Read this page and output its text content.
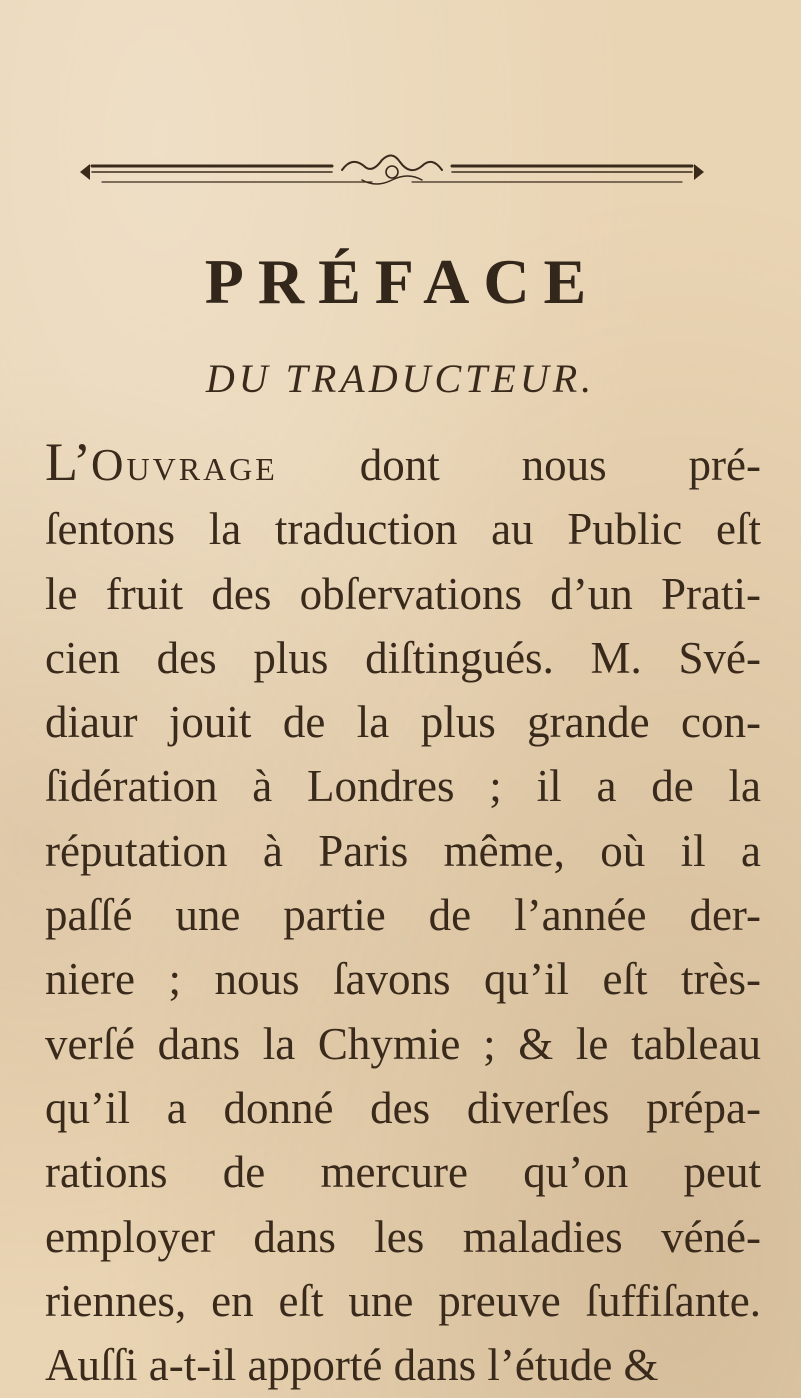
PRÉFACE
DU TRADUCTEUR.
L’Ouvrage dont nous pré-
ſentons la traduction au Public eſt
le fruit des obſervations d’un Prati-
cien des plus diſtingués. M. Své-
diaur jouit de la plus grande con-
ſidération à Londres ; il a de la
réputation à Paris même, où il a
paſſé une partie de l’année der-
niere ; nous ſavons qu’il eſt très-
verſé dans la Chymie ; & le tableau
qu’il a donné des diverſes prépa-
rations de mercure qu’on peut
employer dans les maladies véné-
riennes, en eſt une preuve ſuffiſante.
Auſſi a-t-il apporté dans l’étude &
